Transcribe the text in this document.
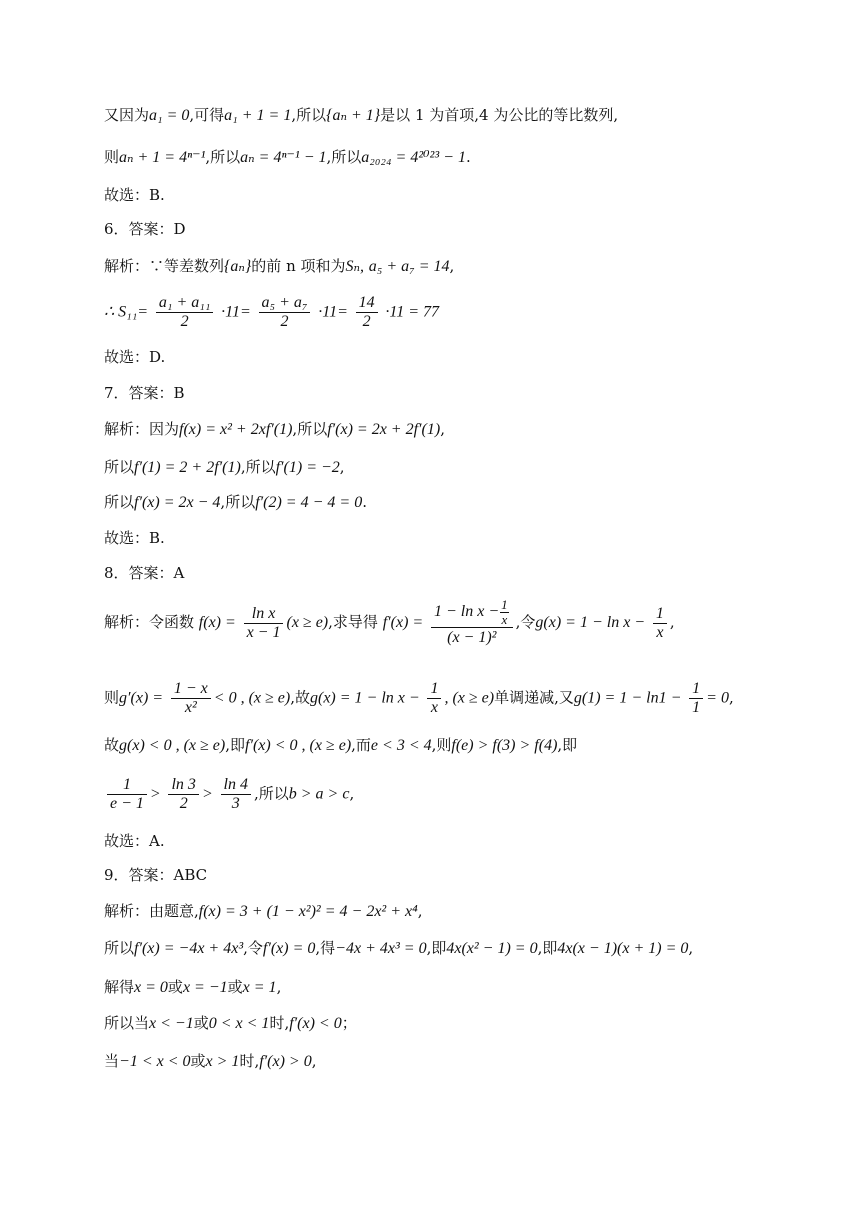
又因为a₁ = 0,可得a₁ + 1 = 1,所以{aₙ + 1}是以 1 为首项,4 为公比的等比数列,
则aₙ + 1 = 4ⁿ⁻¹,所以aₙ = 4ⁿ⁻¹ − 1,所以a₂₀₂₄ = 4²⁰²³ − 1.
故选：B.
6．答案：D
解析：∵等差数列{aₙ}的前 n 项和为Sₙ, a₅ + a₇ = 14,
∴ $S_{11}= \frac{\text{a₁ + a₁₁}}{2} \cdot 11= \frac{\text{a₅ + a₇}}{2} \cdot 11= \frac{14}{2} \cdot 11 = 77$
故选：D.
7．答案：B
解析：因为f(x) = x² + 2xf′(1),所以f′(x) = 2x + 2f′(1),
所以f′(1) = 2 + 2f′(1),所以f′(1) = −2,
所以f′(x) = 2x − 4,所以f′(2) = 4 − 4 = 0.
故选：B.
8．答案：A
解析：令函数 $f(x) = \frac{\text{ln x}}{x - 1} (x \ge e)$,求导得 $f'(x) = \frac{1 - \ln x - \frac{1}{x}}{\text{(x − 1)²}}$ ,令$g(x) = 1 - \ln x - \frac{1}{x}$ ,
则$g'(x) = \frac{1 - x}{\text{x²}} < 0$ , (x ≥ e),故$g(x) = 1 - \ln x - \frac{1}{x}$ , (x ≥ e)单调递减,又$g(1) = 1 - \ln 1 - \frac{1}{1} = 0$,
故g(x) < 0 , (x ≥ e),即f′(x) < 0 , (x ≥ e),而e < 3 < 4,则f(e) > f(3) > f(4),即
$\frac{1}{e - 1} > \frac{\ln 3}{2} > \frac{\ln 4}{3}$ ,所以b > a > c,
故选：A.
9．答案：ABC
解析：由题意,f(x) = 3 + (1 − x²)² = 4 − 2x² + x⁴,
所以f′(x) = −4x + 4x³,令f′(x) = 0,得−4x + 4x³ = 0,即4x(x² − 1) = 0,即4x(x − 1)(x + 1) = 0,
解得x = 0或x = −1或x = 1,
所以当x < −1或0 < x < 1时,f′(x) < 0；
当−1 < x < 0或x > 1时,f′(x) > 0,
